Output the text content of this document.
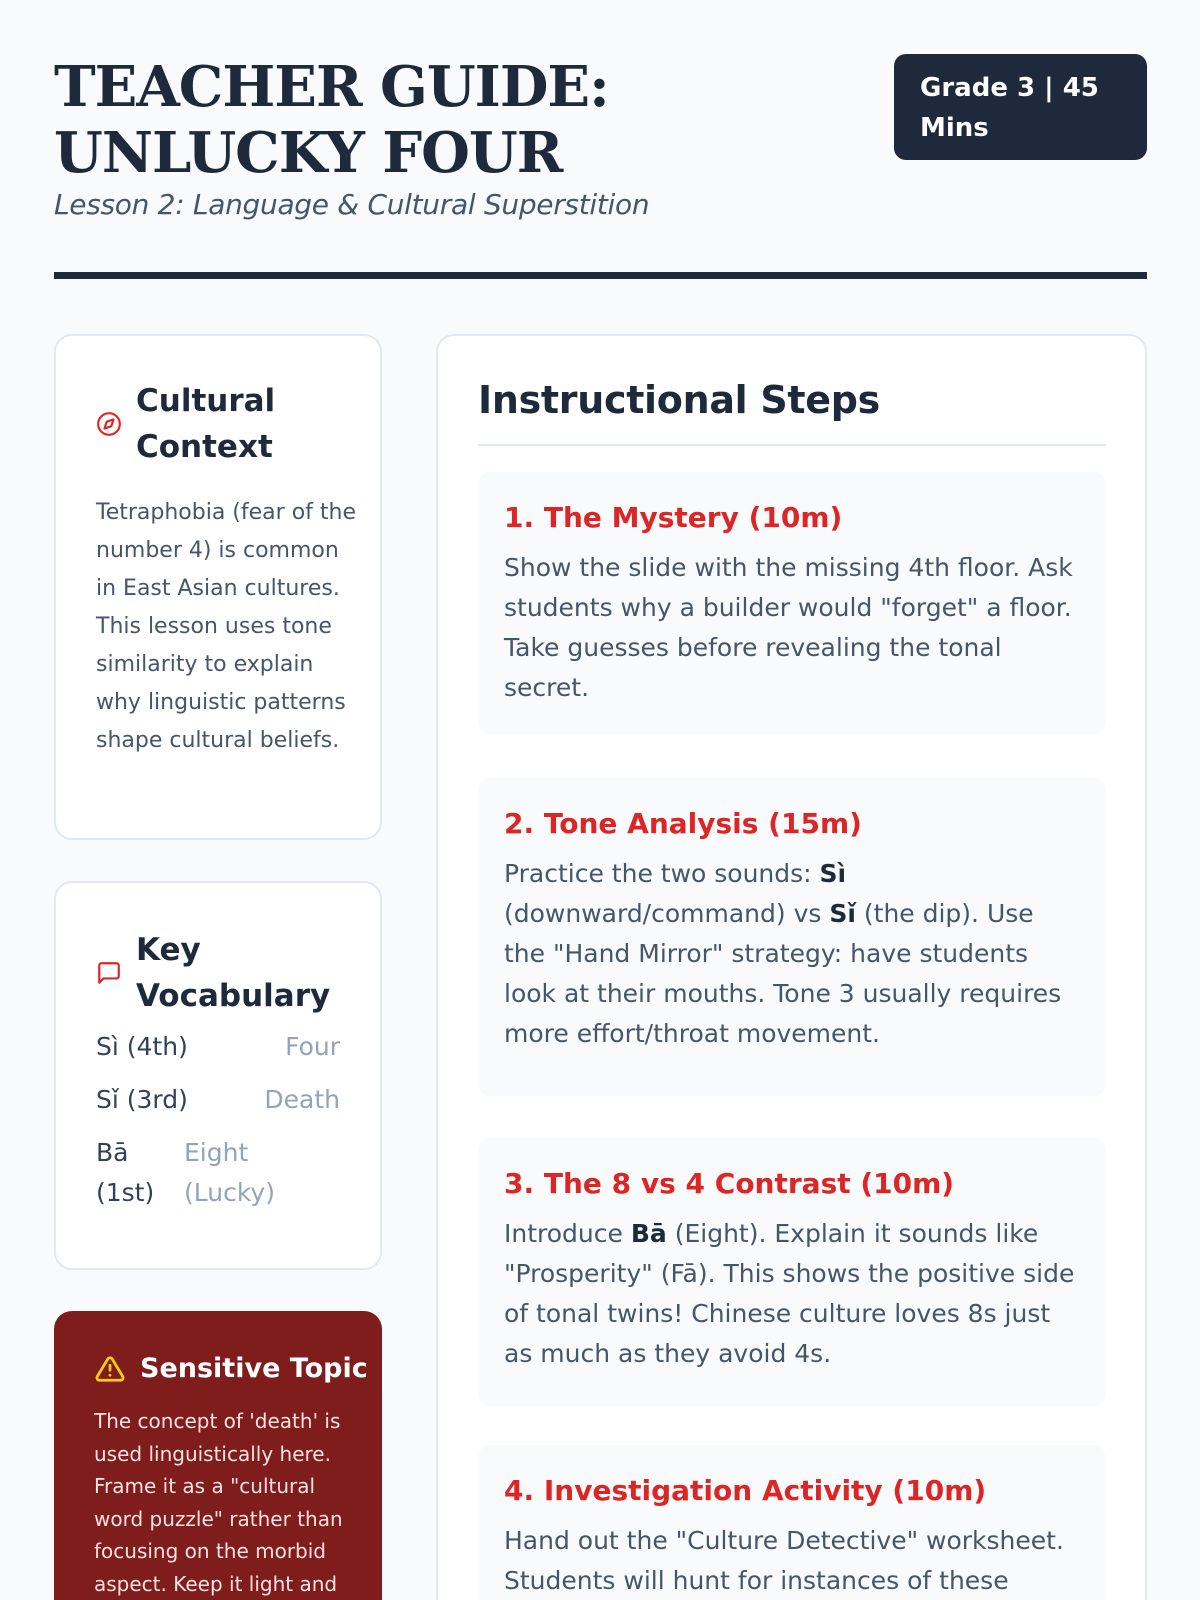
TEACHER GUIDE: UNLUCKY FOUR
Lesson 2: Language & Cultural Superstition
Grade 3 | 45 Mins
Cultural Context

Tetraphobia (fear of the number 4) is common in East Asian cultures. This lesson uses tone similarity to explain why linguistic patterns shape cultural beliefs.

Key Vocabulary
Sì (4th)	Four
Sǐ (3rd)	Death
Bā (1st)
Eight (Lucky)
Sensitive Topic

The concept of 'death' is used linguistically here. Frame it as a "cultural word puzzle" rather than focusing on the morbid aspect. Keep it light and

Instructional Steps
1. The Mystery (10m)

Show the slide with the missing 4th floor. Ask students why a builder would "forget" a floor. Take guesses before revealing the tonal secret.

2. Tone Analysis (15m)

Practice the two sounds: Sì (downward/command) vs Sǐ (the dip). Use the "Hand Mirror" strategy: have students look at their mouths. Tone 3 usually requires more effort/throat movement.

3. The 8 vs 4 Contrast (10m)

Introduce Bā (Eight). Explain it sounds like "Prosperity" (Fā). This shows the positive side of tonal twins! Chinese culture loves 8s just as much as they avoid 4s.

4. Investigation Activity (10m)

Hand out the "Culture Detective" worksheet. Students will hunt for instances of these
